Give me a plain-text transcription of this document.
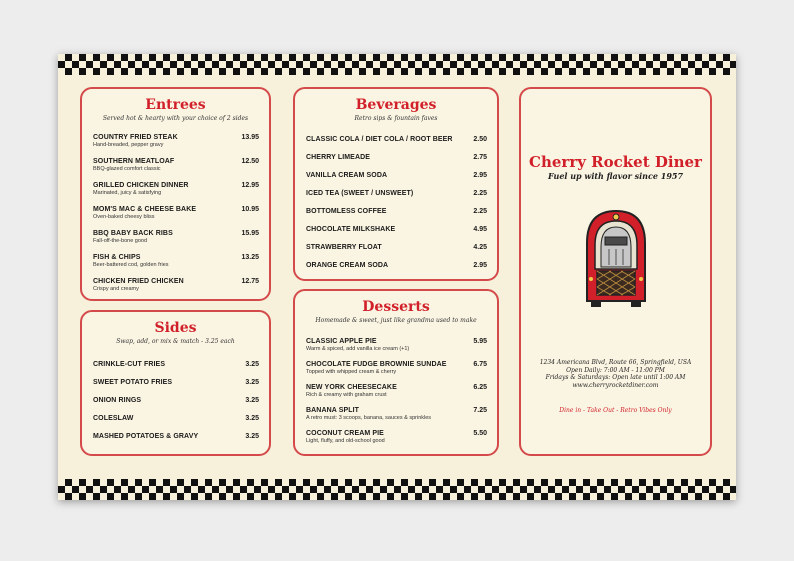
Entrees
Served hot & hearty with your choice of 2 sides
COUNTRY FRIED STEAK	13.95
Hand-breaded, pepper gravy
SOUTHERN MEATLOAF	12.50
BBQ-glazed comfort classic
GRILLED CHICKEN DINNER	12.95
Marinated, juicy & satisfying
MOM'S MAC & CHEESE BAKE	10.95
Oven-baked cheesy bliss
BBQ BABY BACK RIBS	15.95
Fall-off-the-bone good
FISH & CHIPS	13.25
Beer-battered cod, golden fries
CHICKEN FRIED CHICKEN	12.75
Crispy and creamy
Sides
Swap, add, or mix & match - 3.25 each
CRINKLE-CUT FRIES	3.25
SWEET POTATO FRIES	3.25
ONION RINGS	3.25
COLESLAW	3.25
MASHED POTATOES & GRAVY	3.25
Beverages
Retro sips & fountain faves
CLASSIC COLA / DIET COLA / ROOT BEER	2.50
CHERRY LIMEADE	2.75
VANILLA CREAM SODA	2.95
ICED TEA (SWEET / UNSWEET)	2.25
BOTTOMLESS COFFEE	2.25
CHOCOLATE MILKSHAKE	4.95
STRAWBERRY FLOAT	4.25
ORANGE CREAM SODA	2.95
Desserts
Homemade & sweet, just like grandma used to make
CLASSIC APPLE PIE	5.95
Warm & spiced, add vanilla ice cream (+1)
CHOCOLATE FUDGE BROWNIE SUNDAE	6.75
Topped with whipped cream & cherry
NEW YORK CHEESECAKE	6.25
Rich & creamy with graham crust
BANANA SPLIT	7.25
A retro must: 3 scoops, banana, sauces & sprinkles
COCONUT CREAM PIE	5.50
Light, fluffy, and old-school good
Cherry Rocket Diner
Fuel up with flavor since 1957
1234 Americana Blvd, Route 66, Springfield, USA
Open Daily: 7:00 AM - 11:00 PM
Fridays & Saturdays: Open late until 1:00 AM
www.cherryrocketdiner.com
Dine in - Take Out - Retro Vibes Only
